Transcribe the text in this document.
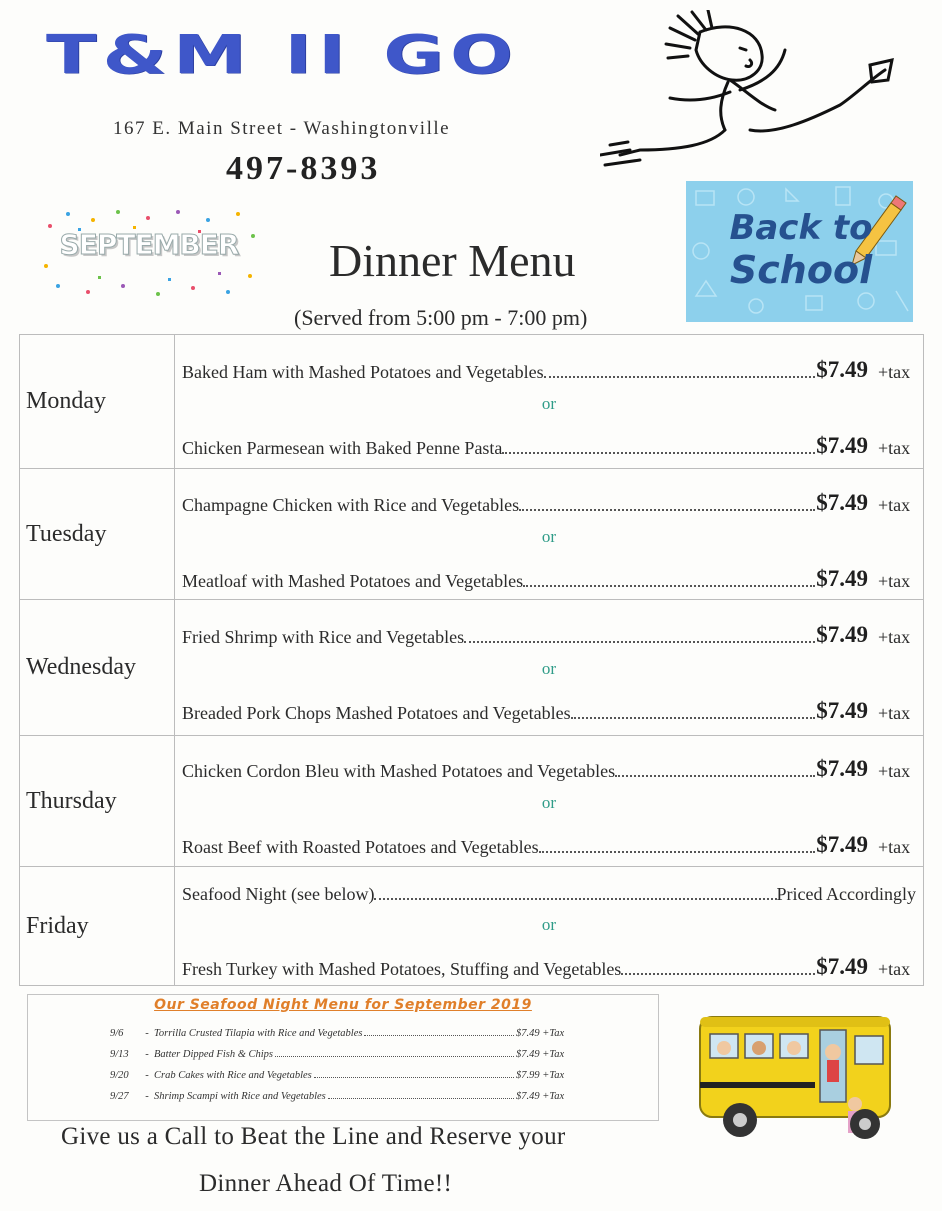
T&M II GO
167 E. Main Street - Washingtonville
497-8393
SEPTEMBER	Back to
School
Dinner Menu
(Served from 5:00 pm - 7:00 pm)
Monday
Baked Ham with Mashed Potatoes and Vegetables	$7.49 +tax
or
Chicken Parmesean with Baked Penne Pasta	$7.49 +tax
Tuesday
Champagne Chicken with Rice and Vegetables	$7.49 +tax
or
Meatloaf with Mashed Potatoes and Vegetables	$7.49 +tax
Wednesday
Fried Shrimp with Rice and Vegetables	$7.49 +tax
or
Breaded Pork Chops Mashed Potatoes and Vegetables	$7.49 +tax
Thursday
Chicken Cordon Bleu with Mashed Potatoes and Vegetables	$7.49 +tax
or
Roast Beef with Roasted Potatoes and Vegetables	$7.49 +tax
Friday
Seafood Night (see below)	Priced Accordingly
or
Fresh Turkey with Mashed Potatoes, Stuffing and Vegetables	$7.49 +tax
Our Seafood Night Menu for September 2019
9/6	- Torrilla Crusted Tilapia with Rice and Vegetables	$7.49 +Tax
9/13	- Batter Dipped Fish & Chips	$7.49 +Tax
9/20	- Crab Cakes with Rice and Vegetables	$7.99 +Tax
9/27	- Shrimp Scampi with Rice and Vegetables	$7.49 +Tax
Give us a Call to Beat the Line and Reserve your
Dinner Ahead Of Time!!
